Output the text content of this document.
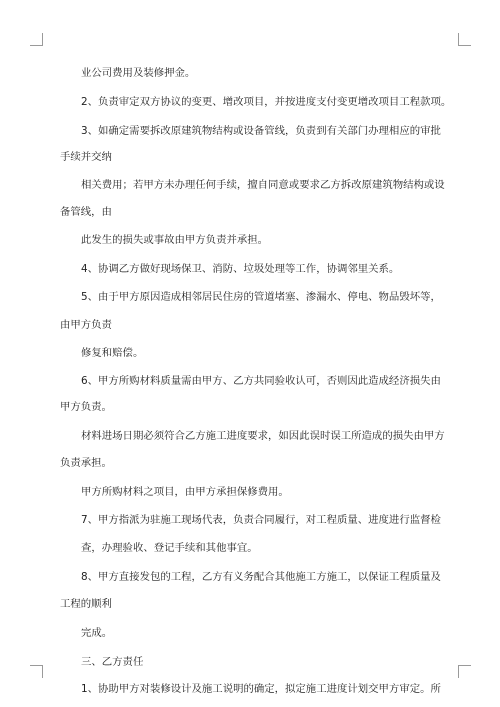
业公司费用及装修押金。
2、负责审定双方协议的变更、增改项目，并按进度支付变更增改项目工程款项。
3、如确定需要拆改原建筑物结构或设备管线，负责到有关部门办理相应的审批
手续并交纳
相关费用；若甲方未办理任何手续，擅自同意或要求乙方拆改原建筑物结构或设
备管线，由
此发生的损失或事故由甲方负责并承担。
4、协调乙方做好现场保卫、消防、垃圾处理等工作，协调邻里关系。
5、由于甲方原因造成相邻居民住房的管道堵塞、渗漏水、停电、物品毁坏等，
由甲方负责
修复和赔偿。
6、甲方所购材料质量需由甲方、乙方共同验收认可，否则因此造成经济损失由
甲方负责。
材料进场日期必须符合乙方施工进度要求，如因此误时误工所造成的损失由甲方
负责承担。
甲方所购材料之项目，由甲方承担保修费用。
7、甲方指派为驻施工现场代表，负责合同履行，对工程质量、进度进行监督检
查，办理验收、登记手续和其他事宜。
8、甲方直接发包的工程，乙方有义务配合其他施工方施工，以保证工程质量及
工程的顺利
完成。
三、乙方责任
1、协助甲方对装修设计及施工说明的确定，拟定施工进度计划交甲方审定。所
